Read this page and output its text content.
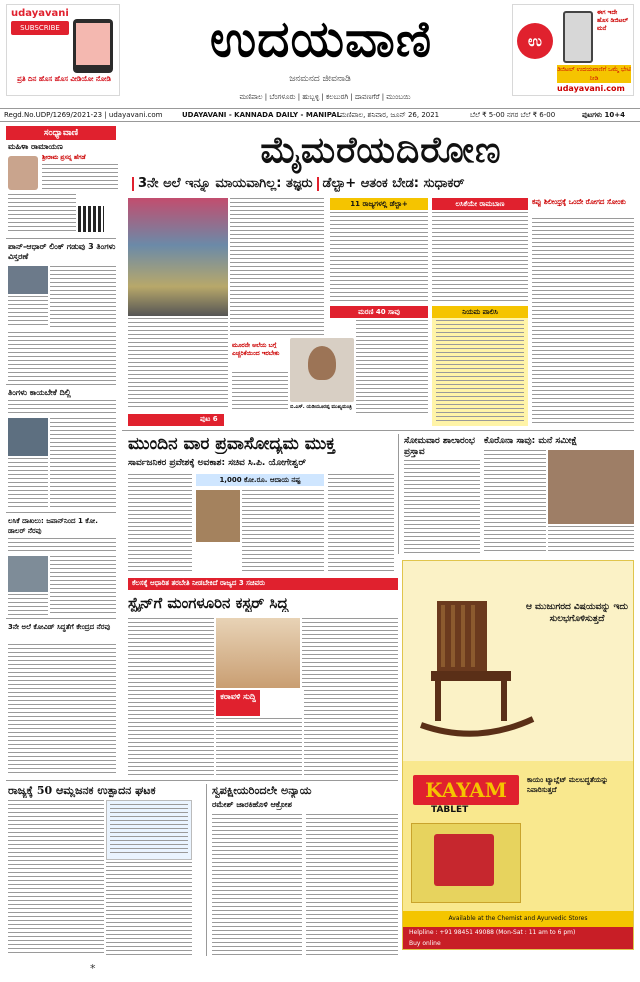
udayavani
SUBSCRIBE
ಪ್ರತಿ ದಿನ ಹೊಸ ಹೊಸ ವೀಡಿಯೋ ನೋಡಿ
ಉದಯವಾಣಿ
ಜನಮನದ ಜೀವನಾಡಿ
ಉ
ಈಗ ಇದೇ ಹೊಸ ಡಿಜಿಟಲ್ ಮನೆ
ಡಿಜಿಟಲ್ ಉದಯವಾಣಿಗೆ ಒಮ್ಮೆ ಭೇಟಿ ನೀಡಿ
udayavani.com
ಮಣಿಪಾಲ | ಬೆಂಗಳೂರು | ಹುಬ್ಬಳ್ಳಿ | ಕಲಬುರಗಿ | ದಾವಣಗೆರೆ | ಮುಂಬಯಿ
Regd.No.UDP/1269/2021-23 | udayavani.com	UDAYAVANI - KANNADA DAILY - MANIPAL
ಮಣಿಪಾಲ, ಶನಿವಾರ, ಜೂನ್ 26, 2021	ಬೆಲೆ ₹ 5-00 ನಗರ ಬೆಲೆ ₹ 6-00	ಪುಟಗಳು 10+4
ಸಂಧ್ಯಾವಾಣಿ
ಮಹಿಳಾ ರಾಮಾಯಣ
ಶ್ರೀರಾಮ ಪ್ರಸನ್ನ ಹೆಗಡೆ
ಪಾನ್-ಆಧಾರ್ ಲಿಂಕ್ ಗಡುವು 3 ತಿಂಗಳು ವಿಸ್ತರಣೆ
ತಿಂಗಳು ಕಾಯಬೇಕೆ ದಿಲ್ಲಿ
ಲಸಿಕೆ ದಾಖಲು: ಜಪಾನ್‌ನಿಂದ 1 ಕೋ. ಡಾಲರ್ ನೆರವು
3ನೇ ಅಲೆ ಕೋವಿಡ್ ಸಿದ್ಧತೆಗೆ ಕೇಂದ್ರದ ನೆರವು
ಮೈಮರೆಯದಿರೋಣ
3ನೇ ಅಲೆ ಇನ್ನೂ ಮಾಯವಾಗಿಲ್ಲ: ತಜ್ಞರು ಡೆಲ್ಟಾ+ ಆತಂಕ ಬೇಡ: ಸುಧಾಕರ್
11 ರಾಜ್ಯಗಳಲ್ಲಿ ಡೆಲ್ಟಾ+	ಲಸಿಕೆಯೇ ರಾಮಬಾಣ	ಕಪ್ಪು ಶಿಲೀಂಧ್ರಕ್ಕೆ ಒಂದೇ ರೋಗದ ಸೋಂಕು
ಮರಣಿ 40 ಸಾವು	ನಿಯಮ ಪಾಲಿಸಿ
ಮೂರನೇ ಅಲೆಯ ಬಗ್ಗೆ ಎಚ್ಚರಿಕೆಯಿಂದ ಇರಬೇಕು
ಬಿ.ಎಸ್. ಯಡಿಯೂರಪ್ಪ ಮುಖ್ಯಮಂತ್ರಿ
ಪುಟ 6
ಮುಂದಿನ ವಾರ ಪ್ರವಾಸೋದ್ಯಮ ಮುಕ್ತ
ಸಾರ್ವಜನಿಕರ ಪ್ರವೇಶಕ್ಕೆ ಅವಕಾಶ: ಸಚಿವ ಸಿ.ಪಿ. ಯೋಗೇಶ್ವರ್
1,000 ಕೋ.ರೂ. ಆದಾಯ ನಷ್ಟ
ಸೋಮವಾರ ಶಾಲಾರಂಭ ಪ್ರಸ್ತಾವ
ಕೊರೊನಾ ಸಾವು: ಮನೆ ಸಮೀಕ್ಷೆ
ಕೆಲಸಕ್ಕೆ ಆಧಾರಿತ ತರಬೇತಿ ನೀಡಬೇಕಿದೆ ರಾಜ್ಯದ 3 ಸಚಿವರು
ಸ್ಪೈನ್‌ಗೆ ಮಂಗಳೂರಿನ ಕಸ್ಟರ್ ಸಿದ್ಧ
ಕರಾವಳಿ ಸುದ್ದಿ
ರಾಜ್ಯಕ್ಕೆ 50 ಆಮ್ಲಜನಕ ಉತ್ಪಾದನ ಘಟಕ	ಸ್ವಪಕ್ಷೀಯರಿಂದಲೇ ಅನ್ಯಾಯ
ರಮೇಶ್ ಜಾರಕಿಹೊಳಿ ಆಕ್ರೋಶ
ಆ ಮುಜುಗರದ ವಿಷಯವನ್ನು ಇದು ಸುಲಭಗೊಳಿಸುತ್ತದೆ
KAYAM
TABLET
ಕಾಯಂ ಟ್ಯಾಬ್ಲೆಟ್ ಮಲಬದ್ಧತೆಯನ್ನು ನಿವಾರಿಸುತ್ತದೆ
Available at the Chemist and Ayurvedic Stores
Helpline : +91 98451 49088 (Mon-Sat : 11 am to 6 pm)
Buy online
*
